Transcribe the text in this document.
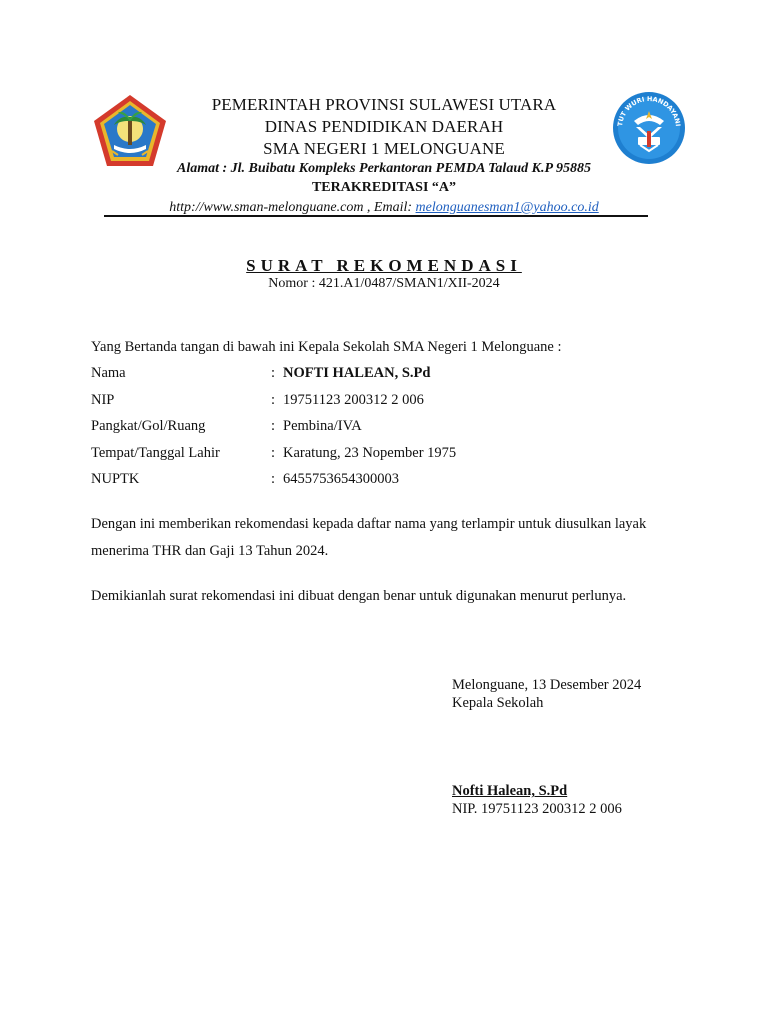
TUT WURI HANDAYANI
PEMERINTAH PROVINSI SULAWESI UTARA
DINAS PENDIDIKAN DAERAH
SMA NEGERI 1 MELONGUANE
Alamat : Jl. Buibatu Kompleks Perkantoran PEMDA Talaud K.P 95885
TERAKREDITASI “A”
http://www.sman-melonguane.com , Email: melonguanesman1@yahoo.co.id
SURAT REKOMENDASI
Nomor : 421.A1/0487/SMAN1/XII-2024
Yang Bertanda tangan di bawah ini Kepala Sekolah SMA Negeri 1 Melonguane :
Nama	: NOFTI HALEAN, S.Pd
NIP	: 19751123 200312 2 006
Pangkat/Gol/Ruang	: Pembina/IVA
Tempat/Tanggal Lahir	: Karatung, 23 Nopember 1975
NUPTK	: 6455753654300003
Dengan ini memberikan rekomendasi kepada daftar nama yang terlampir untuk diusulkan layak menerima THR dan Gaji 13 Tahun 2024.
Demikianlah surat rekomendasi ini dibuat dengan benar untuk digunakan menurut perlunya.
Melonguane, 13 Desember 2024
Kepala Sekolah
Nofti Halean, S.Pd
NIP. 19751123 200312 2 006
